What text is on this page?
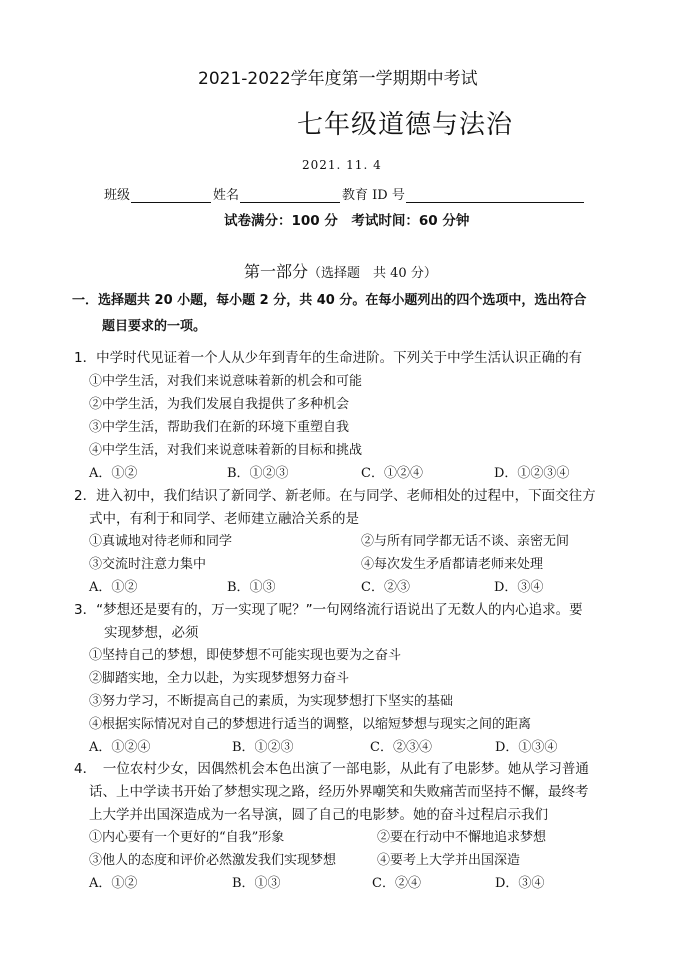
2021-2022学年度第一学期期中考试
七年级道德与法治
2021. 11. 4
班级	姓名	教育 ID 号
试卷满分：100 分　考试时间：60 分钟
第一部分（选择题　共 40 分）
一．选择题共 20 小题，每小题 2 分，共 40 分。在每小题列出的四个选项中，选出符合
题目要求的一项。
1．中学时代见证着一个人从少年到青年的生命进阶。下列关于中学生活认识正确的有
①中学生活，对我们来说意味着新的机会和可能
②中学生活，为我们发展自我提供了多种机会
③中学生活，帮助我们在新的环境下重塑自我
④中学生活，对我们来说意味着新的目标和挑战
A．①②	B．①②③	C．①②④	D．①②③④
2．进入初中，我们结识了新同学、新老师。在与同学、老师相处的过程中，下面交往方
式中，有利于和同学、老师建立融洽关系的是
①真诚地对待老师和同学	②与所有同学都无话不谈、亲密无间
③交流时注意力集中	④每次发生矛盾都请老师来处理
A．①②	B．①③	C．②③	D．③④
3．“梦想还是要有的，万一实现了呢？”一句网络流行语说出了无数人的内心追求。要
实现梦想，必须
①坚持自己的梦想，即使梦想不可能实现也要为之奋斗
②脚踏实地，全力以赴，为实现梦想努力奋斗
③努力学习，不断提高自己的素质，为实现梦想打下坚实的基础
④根据实际情况对自己的梦想进行适当的调整，以缩短梦想与现实之间的距离
A．①②④	B．①②③	C．②③④	D．①③④
4．　一位农村少女，因偶然机会本色出演了一部电影，从此有了电影梦。她从学习普通
话、上中学读书开始了梦想实现之路，经历外界嘲笑和失败痛苦而坚持不懈，最终考
上大学并出国深造成为一名导演，圆了自己的电影梦。她的奋斗过程启示我们
①内心要有一个更好的“自我”形象	②要在行动中不懈地追求梦想
③他人的态度和评价必然激发我们实现梦想	④要考上大学并出国深造
A．①②	B．①③	C．②④	D．③④
